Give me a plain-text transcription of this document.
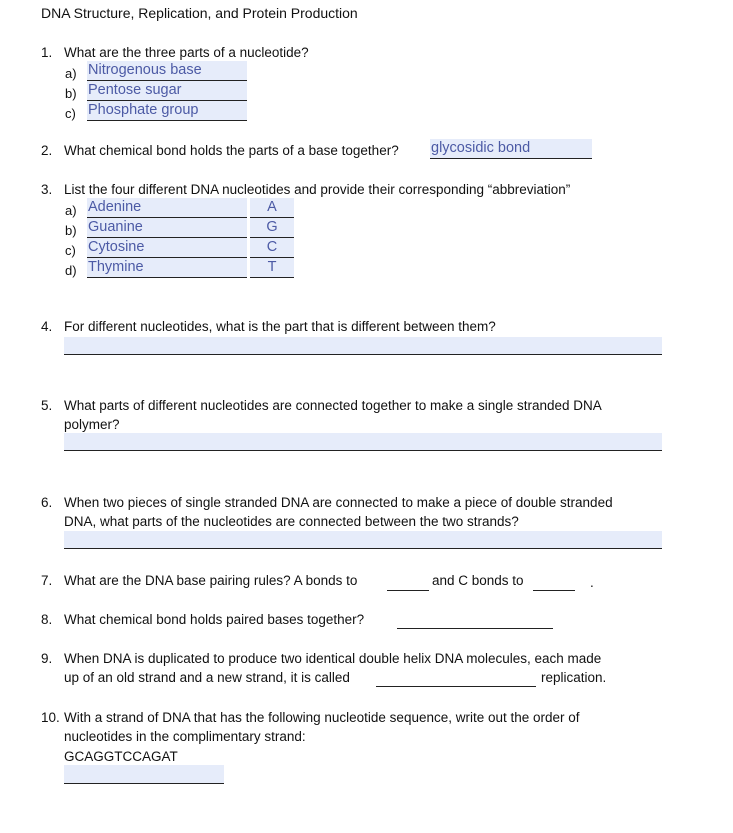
DNA Structure, Replication, and Protein Production
1. What are the three parts of a nucleotide?
a) Nitrogenous base
b) Pentose sugar
c) Phosphate group
2. What chemical bond holds the parts of a base together? glycosidic bond
3. List the four different DNA nucleotides and provide their corresponding “abbreviation”
a) Adenine	A
b) Guanine	G
c) Cytosine	C
d) Thymine	T
4. For different nucleotides, what is the part that is different between them?
5. What parts of different nucleotides are connected together to make a single stranded DNA
polymer?
6. When two pieces of single stranded DNA are connected to make a piece of double stranded
DNA, what parts of the nucleotides are connected between the two strands?
7. What are the DNA base pairing rules? A bonds to	and C bonds to	.
8. What chemical bond holds paired bases together?
9. When DNA is duplicated to produce two identical double helix DNA molecules, each made
up of an old strand and a new strand, it is called	replication.
10. With a strand of DNA that has the following nucleotide sequence, write out the order of
nucleotides in the complimentary strand:
GCAGGTCCAGAT
